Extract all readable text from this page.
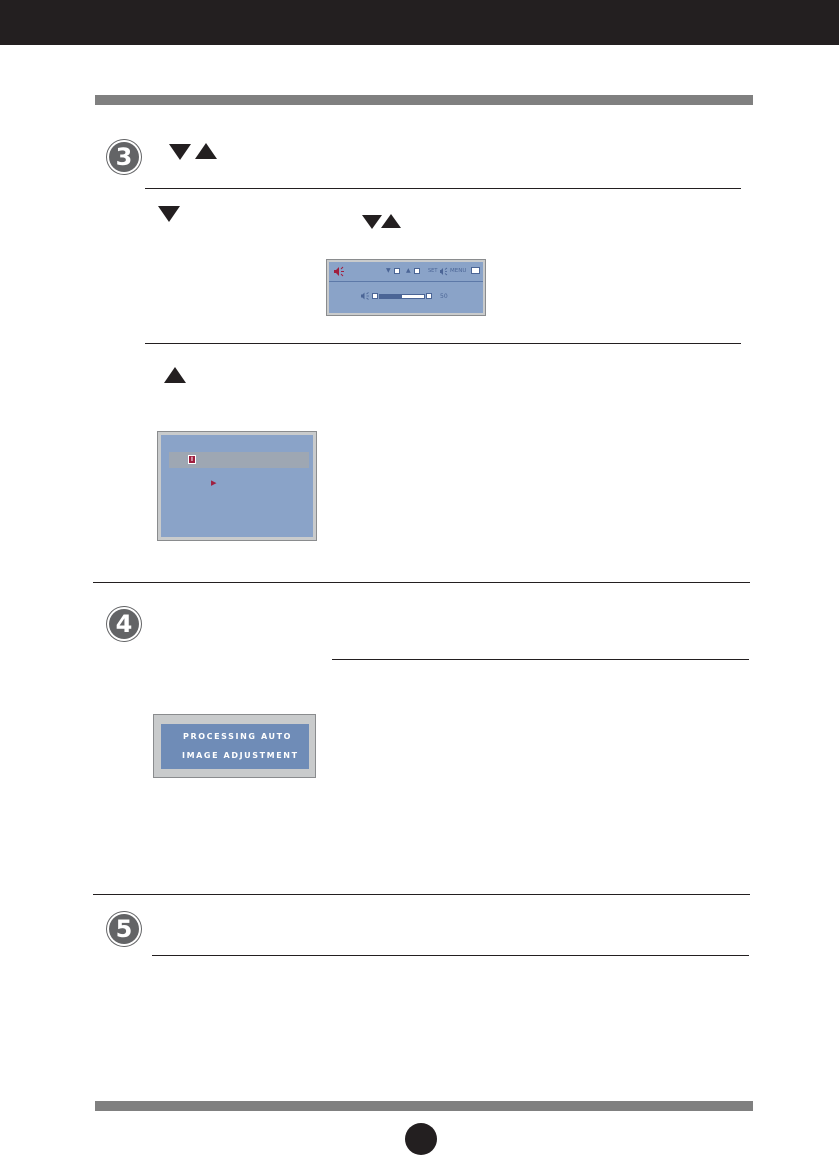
3
▼	▲	SET MENU
50
i
▸
4
PROCESSING AUTO
IMAGE ADJUSTMENT
5
